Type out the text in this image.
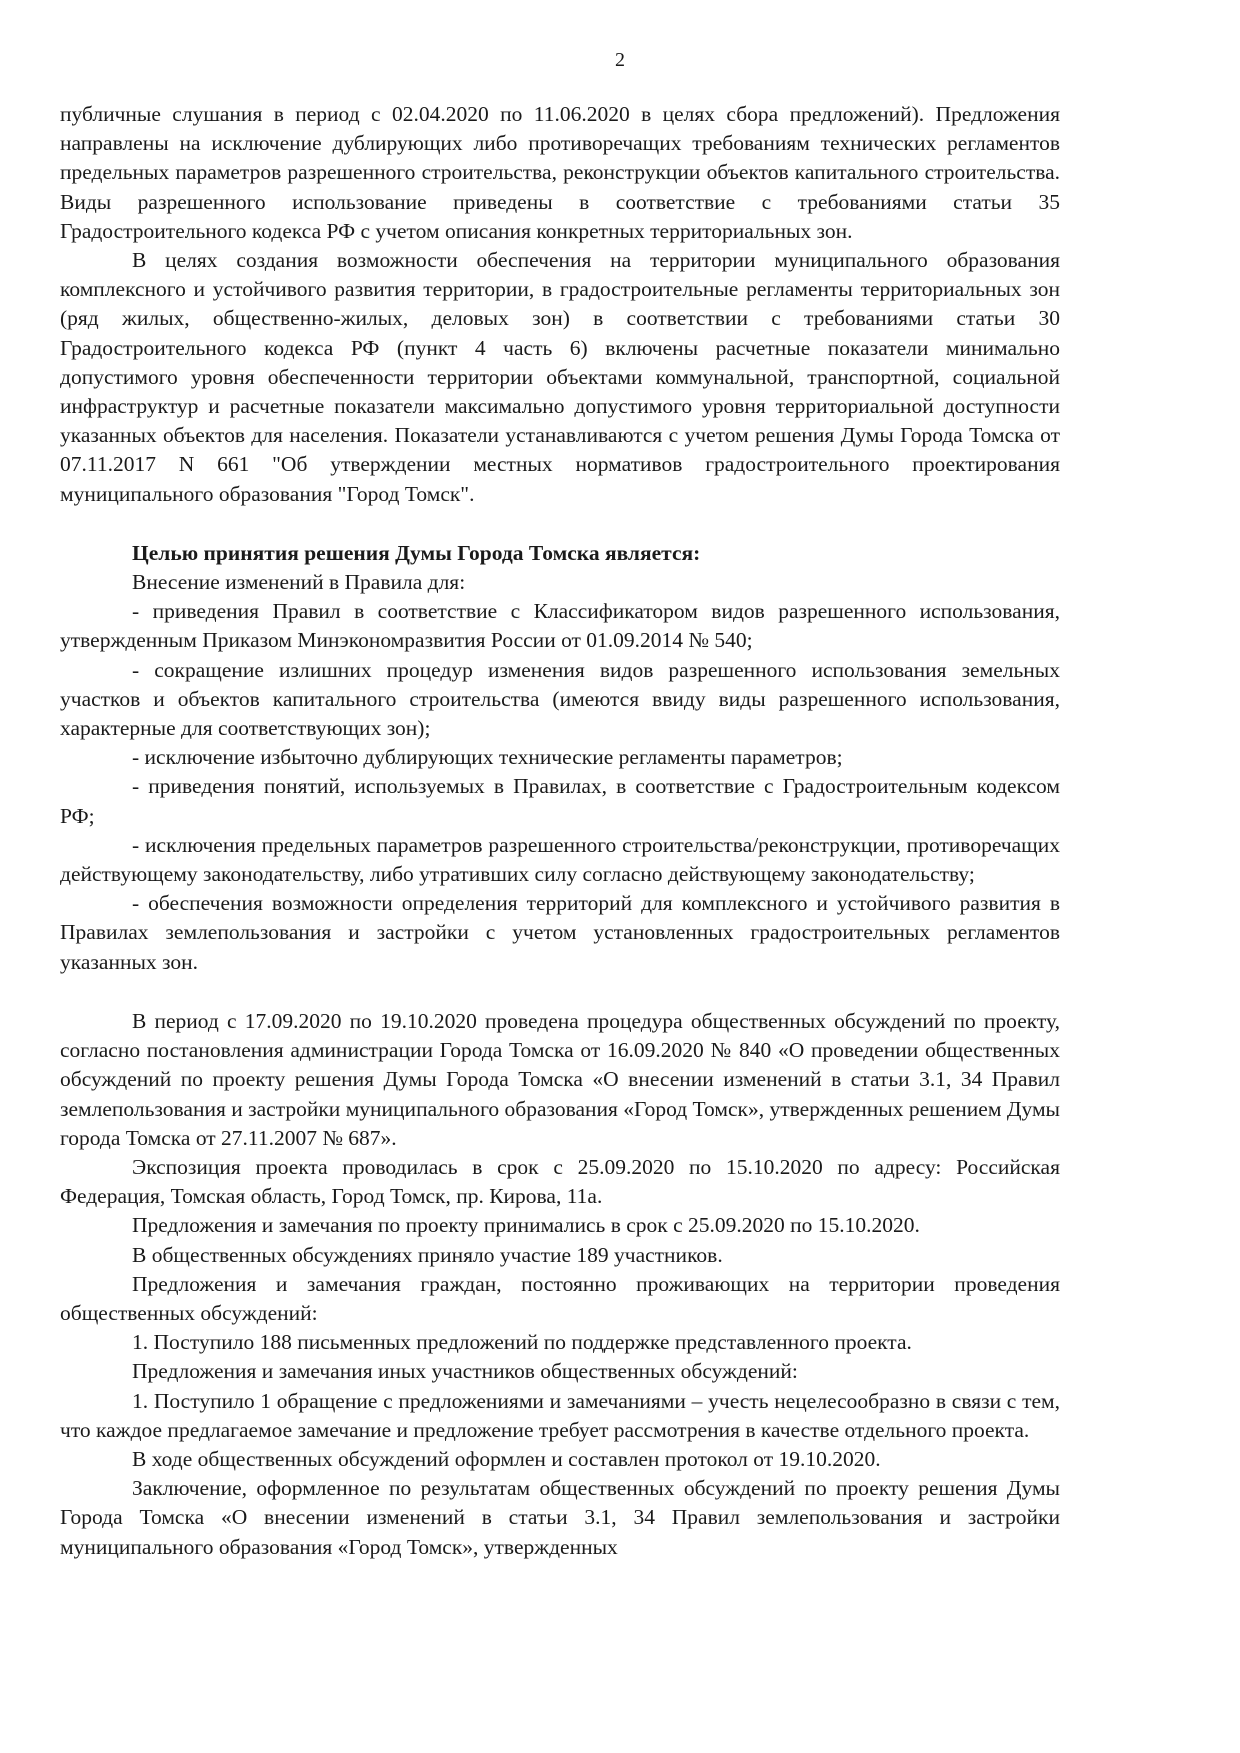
2

публичные слушания в период с 02.04.2020 по 11.06.2020 в целях сбора предложений). Предложения направлены на исключение дублирующих либо противоречащих требованиям технических регламентов предельных параметров разрешенного строительства, реконструкции объектов капитального строительства. Виды разрешенного использование приведены в соответствие с требованиями статьи 35 Градостроительного кодекса РФ с учетом описания конкретных территориальных зон.

В целях создания возможности обеспечения на территории муниципального образования комплексного и устойчивого развития территории, в градостроительные регламенты территориальных зон (ряд жилых, общественно-жилых, деловых зон) в соответствии с требованиями статьи 30 Градостроительного кодекса РФ (пункт 4 часть 6) включены расчетные показатели минимально допустимого уровня обеспеченности территории объектами коммунальной, транспортной, социальной инфраструктур и расчетные показатели максимально допустимого уровня территориальной доступности указанных объектов для населения. Показатели устанавливаются с учетом решения Думы Города Томска от 07.11.2017 N 661 "Об утверждении местных нормативов градостроительного проектирования муниципального образования "Город Томск".

Целью принятия решения Думы Города Томска является:

Внесение изменений в Правила для:

- приведения Правил в соответствие с Классификатором видов разрешенного использования, утвержденным Приказом Минэкономразвития России от 01.09.2014 № 540;

- сокращение излишних процедур изменения видов разрешенного использования земельных участков и объектов капитального строительства (имеются ввиду виды разрешенного использования, характерные для соответствующих зон);

- исключение избыточно дублирующих технические регламенты параметров;

- приведения понятий, используемых в Правилах, в соответствие с Градостроительным кодексом РФ;

- исключения предельных параметров разрешенного строительства/реконструкции, противоречащих действующему законодательству, либо утративших силу согласно действующему законодательству;

- обеспечения возможности определения территорий для комплексного и устойчивого развития в Правилах землепользования и застройки с учетом установленных градостроительных регламентов указанных зон.

В период с 17.09.2020 по 19.10.2020 проведена процедура общественных обсуждений по проекту, согласно постановления администрации Города Томска от 16.09.2020 № 840 «О проведении общественных обсуждений по проекту решения Думы Города Томска «О внесении изменений в статьи 3.1, 34 Правил землепользования и застройки муниципального образования «Город Томск», утвержденных решением Думы города Томска от 27.11.2007 № 687».

Экспозиция проекта проводилась в срок с 25.09.2020 по 15.10.2020 по адресу: Российская Федерация, Томская область, Город Томск, пр. Кирова, 11а.

Предложения и замечания по проекту принимались в срок с 25.09.2020 по 15.10.2020.

В общественных обсуждениях приняло участие 189 участников.

Предложения и замечания граждан, постоянно проживающих на территории проведения общественных обсуждений:

1. Поступило 188 письменных предложений по поддержке представленного проекта.

Предложения и замечания иных участников общественных обсуждений:

1. Поступило 1 обращение с предложениями и замечаниями – учесть нецелесообразно в связи с тем, что каждое предлагаемое замечание и предложение требует рассмотрения в качестве отдельного проекта.

В ходе общественных обсуждений оформлен и составлен протокол от 19.10.2020.

Заключение, оформленное по результатам общественных обсуждений по проекту решения Думы Города Томска «О внесении изменений в статьи 3.1, 34 Правил землепользования и застройки муниципального образования «Город Томск», утвержденных
